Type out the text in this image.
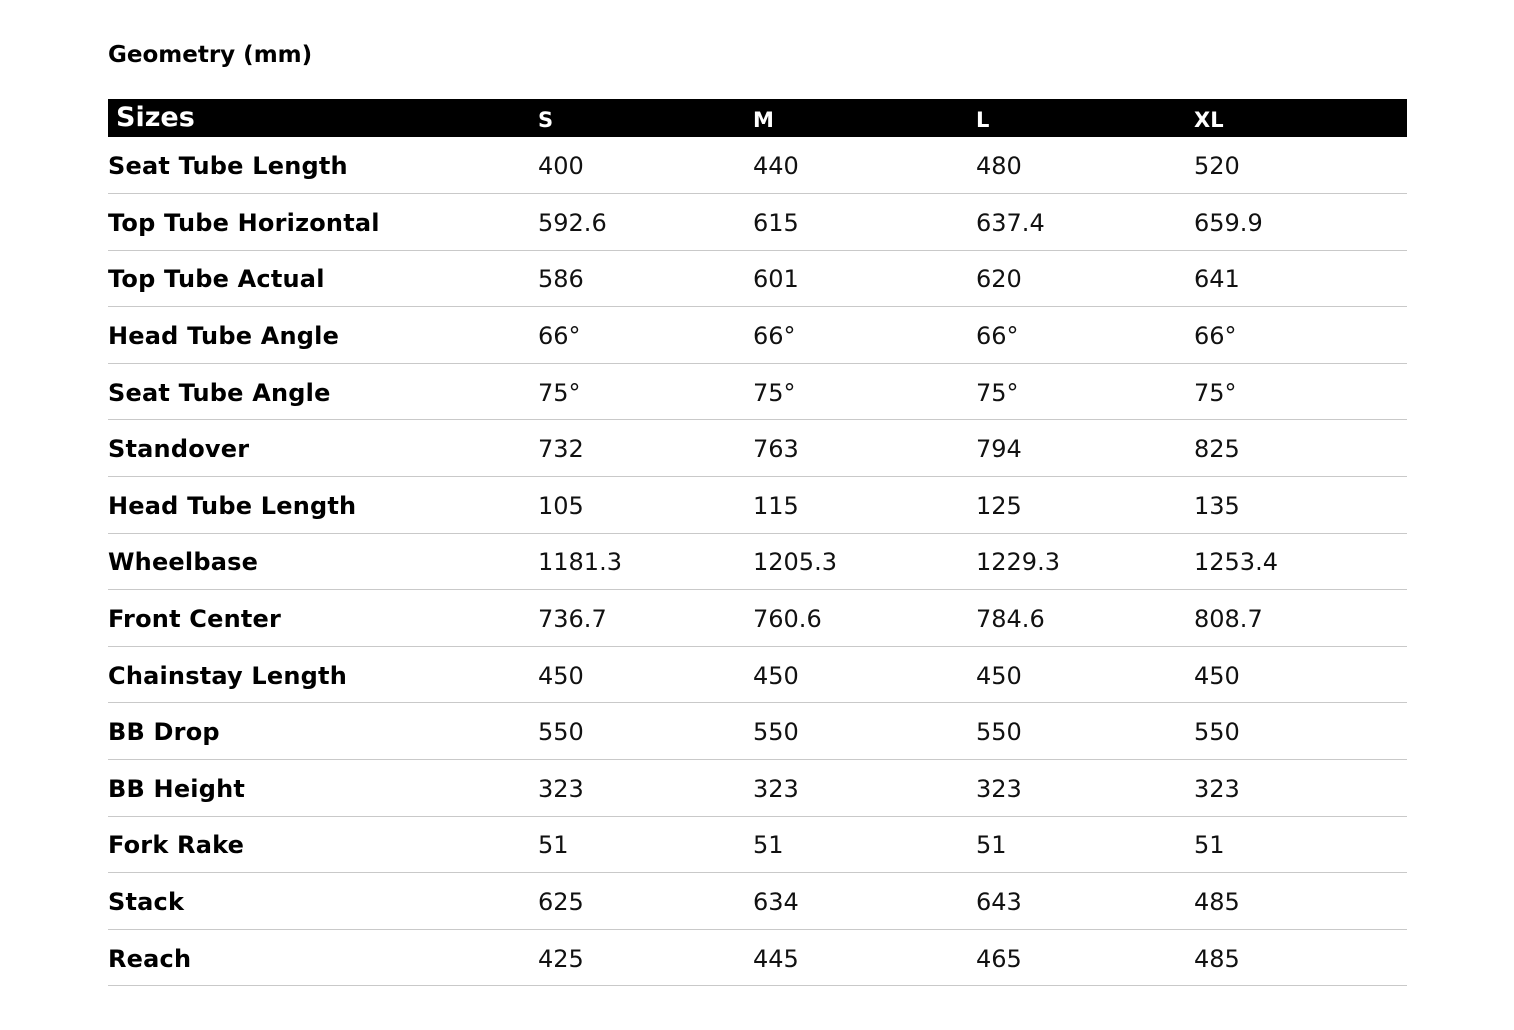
Geometry (mm)
Sizes	S	M	L	XL
Seat Tube Length	400	440	480	520
Top Tube Horizontal	592.6	615	637.4	659.9
Top Tube Actual	586	601	620	641
Head Tube Angle	66°	66°	66°	66°
Seat Tube Angle	75°	75°	75°	75°
Standover	732	763	794	825
Head Tube Length	105	115	125	135
Wheelbase	1181.3	1205.3	1229.3	1253.4
Front Center	736.7	760.6	784.6	808.7
Chainstay Length	450	450	450	450
BB Drop	550	550	550	550
BB Height	323	323	323	323
Fork Rake	51	51	51	51
Stack	625	634	643	485
Reach	425	445	465	485
